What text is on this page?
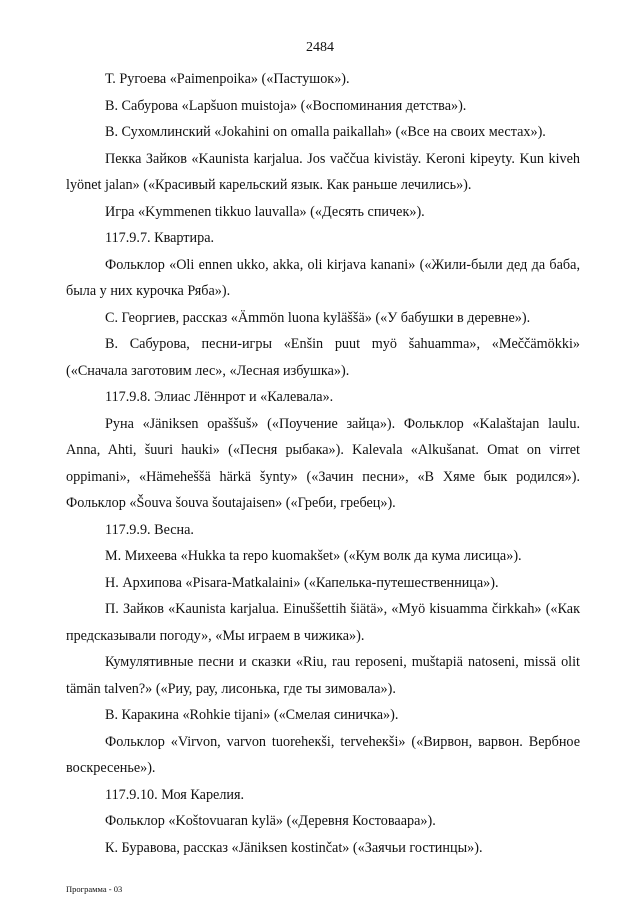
2484

Т. Ругоева «Paimenpoika» («Пастушок»).

В. Сабурова «Lapšuon muistoja» («Воспоминания детства»).

В. Сухомлинский «Jokahini on omalla paikallah» («Все на своих местах»).

Пекка Зайков «Kaunista karjalua. Jos vaččua kivistäy. Keroni kipeyty. Kun kiveh lyönet jalan» («Красивый карельский язык. Как раньше лечились»).

Игра «Kymmenen tikkuo lauvalla» («Десять спичек»).

117.9.7. Квартира.

Фольклор «Oli ennen ukko, akka, oli kirjava kanani» («Жили-были дед да баба, была у них курочка Ряба»).

С. Георгиев, рассказ «Ämmön luona kyläššä» («У бабушки в деревне»).

В. Сабурова, песни-игры «Enšin puut myö šahuamma», «Meččämökki» («Сначала заготовим лес», «Лесная избушка»).

117.9.8. Элиас Лённрот и «Калевала».

Руна «Jäniksen opaššuš» («Поучение зайца»). Фольклор «Kalaštajan laulu. Anna, Ahti, šuuri hauki» («Песня рыбака»). Kalevala «Alkušanat. Omat on virret oppimani», «Hämeheššä härkä šynty» («Зачин песни», «В Хяме бык родился»). Фольклор «Šouva šouva šoutajaisen» («Греби, гребец»).

117.9.9. Весна.

М. Михеева «Hukka ta repo kuomakšet» («Кум волк да кума лисица»).

Н. Архипова «Pisara-Matkalaini» («Капелька-путешественница»).

П. Зайков «Kaunista karjalua. Einuššettih šiätä», «Myö kisuamma čirkkah» («Как предсказывали погоду», «Мы играем в чижика»).

Кумулятивные песни и сказки «Riu, rau reposeni, muštapiä natoseni, missä olit tämän talven?» («Риу, рау, лисонька, где ты зимовала»).

В. Каракина «Rohkie tijani» («Смелая синичка»).

Фольклор «Virvon, varvon tuoreheкši, terveheкši» («Вирвон, варвон. Вербное воскресенье»).

117.9.10. Моя Карелия.

Фольклор «Koštovuaran kylä» («Деревня Костоваара»).

К. Буравова, рассказ «Jäniksen kostinčat» («Заячьи гостинцы»).

Программа - 03
